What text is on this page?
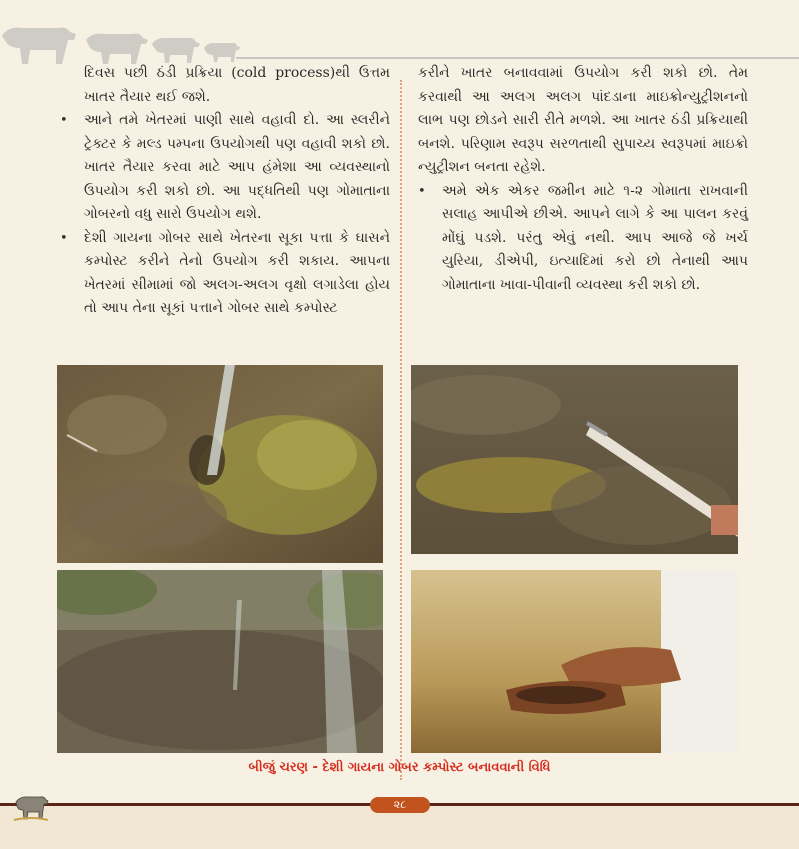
દિવસ પછી ઠંડી પ્રક્રિયા (cold process)થી ઉત્તમ ખાતર તૈયાર થઈ જશે.

• આને તમે ખેતરમાં પાણી સાથે વહાવી દો. આ સ્લરીને ટ્રેક્ટર કે મલ્ડ પમ્પના ઉપયોગથી પણ વહાવી શકો છો. ખાતર તૈયાર કરવા માટે આપ હંમેશા આ વ્યવસ્થાનો ઉપયોગ કરી શકો છો. આ પદ્ધતિથી પણ ગોમાતાના ગોબરનો વધુ સારો ઉપયોગ થશે.
• દેશી ગાયના ગોબર સાથે ખેતરના સૂકા પત્તા કે ઘાસને કમ્પોસ્ટ કરીને તેનો ઉપયોગ કરી શકાય. આપના ખેતરમાં સીમામાં જો અલગ-અલગ વૃક્ષો લગાડેલા હોય તો આપ તેના સૂકાં પત્તાને ગોબર સાથે કમ્પોસ્ટ

કરીને ખાતર બનાવવામાં ઉપયોગ કરી શકો છો. તેમ કરવાથી આ અલગ અલગ પાંદડાના માઇક્રોન્યુટ્રીશનનો લાભ પણ છોડને સારી રીતે મળશે. આ ખાતર ઠંડી પ્રક્રિયાથી બનશે. પરિણામ સ્વરૂપ સરળતાથી સુપાચ્ય સ્વરૂપમાં માઇક્રો ન્યુટ્રીશન બનતા રહેશે.

• અમે એક એકર જમીન માટે ૧-૨ ગોમાતા રાખવાની સલાહ આપીએ છીએ. આપને લાગે કે આ પાલન કરવું મોંઘું પડશે. પરંતુ એવું નથી. આપ આજે જે ખર્ચ યુરિયા, ડીએપી, ઇત્યાદિમાં કરો છો તેનાથી આપ ગોમાતાના ખાવા-પીવાની વ્યવસ્થા કરી શકો છો.
બીજું ચરણ - દેશી ગાયના ગોબર કમ્પોસ્ટ બનાવવાની વિધિ
૨૮
